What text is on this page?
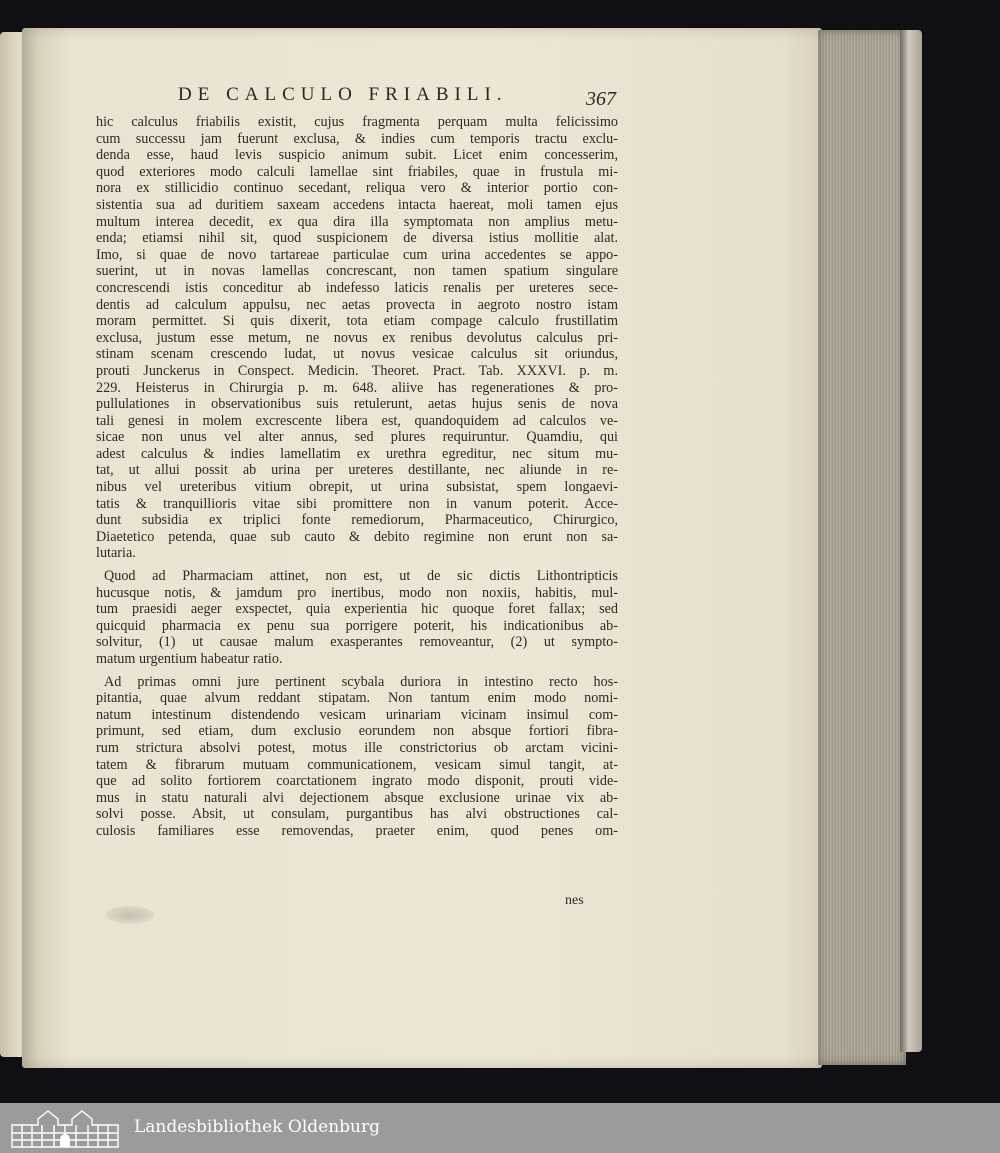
DE CALCULO FRIABILI.	367
hic calculus friabilis existit, cujus fragmenta perquam multa felicissimo
cum successu jam fuerunt exclusa, & indies cum temporis tractu exclu-
denda esse, haud levis suspicio animum subit. Licet enim concesserim,
quod exteriores modo calculi lamellae sint friabiles, quae in frustula mi-
nora ex stillicidio continuo secedant, reliqua vero & interior portio con-
sistentia sua ad duritiem saxeam accedens intacta haereat, moli tamen ejus
multum interea decedit, ex qua dira illa symptomata non amplius metu-
enda; etiamsi nihil sit, quod suspicionem de diversa istius mollitie alat.
Imo, si quae de novo tartareae particulae cum urina accedentes se appo-
suerint, ut in novas lamellas concrescant, non tamen spatium singulare
concrescendi istis conceditur ab indefesso laticis renalis per ureteres sece-
dentis ad calculum appulsu, nec aetas provecta in aegroto nostro istam
moram permittet. Si quis dixerit, tota etiam compage calculo frustillatim
exclusa, justum esse metum, ne novus ex renibus devolutus calculus pri-
stinam scenam crescendo ludat, ut novus vesicae calculus sit oriundus,
prouti Junckerus in Conspect. Medicin. Theoret. Pract. Tab. XXXVI. p. m.
229. Heisterus in Chirurgia p. m. 648. aliive has regenerationes & pro-
pullulationes in observationibus suis retulerunt, aetas hujus senis de nova
tali genesi in molem excrescente libera est, quandoquidem ad calculos ve-
sicae non unus vel alter annus, sed plures requiruntur. Quamdiu, qui
adest calculus & indies lamellatim ex urethra egreditur, nec situm mu-
tat, ut allui possit ab urina per ureteres destillante, nec aliunde in re-
nibus vel ureteribus vitium obrepit, ut urina subsistat, spem longaevi-
tatis & tranquillioris vitae sibi promittere non in vanum poterit. Acce-
dunt subsidia ex triplici fonte remediorum, Pharmaceutico, Chirurgico,
Diaetetico petenda, quae sub cauto & debito regimine non erunt non sa-
lutaria.
Quod ad Pharmaciam attinet, non est, ut de sic dictis Lithontripticis
hucusque notis, & jamdum pro inertibus, modo non noxiis, habitis, mul-
tum praesidi aeger exspectet, quia experientia hic quoque foret fallax; sed
quicquid pharmacia ex penu sua porrigere poterit, his indicationibus ab-
solvitur, (1) ut causae malum exasperantes removeantur, (2) ut sympto-
matum urgentium habeatur ratio.
Ad primas omni jure pertinent scybala duriora in intestino recto hos-
pitantia, quae alvum reddant stipatam. Non tantum enim modo nomi-
natum intestinum distendendo vesicam urinariam vicinam insimul com-
primunt, sed etiam, dum exclusio eorundem non absque fortiori fibra-
rum strictura absolvi potest, motus ille constrictorius ob arctam vicini-
tatem & fibrarum mutuam communicationem, vesicam simul tangit, at-
que ad solito fortiorem coarctationem ingrato modo disponit, prouti vide-
mus in statu naturali alvi dejectionem absque exclusione urinae vix ab-
solvi posse. Absit, ut consulam, purgantibus has alvi obstructiones cal-
culosis familiares esse removendas, praeter enim, quod penes om-
nes
Landesbibliothek Oldenburg
